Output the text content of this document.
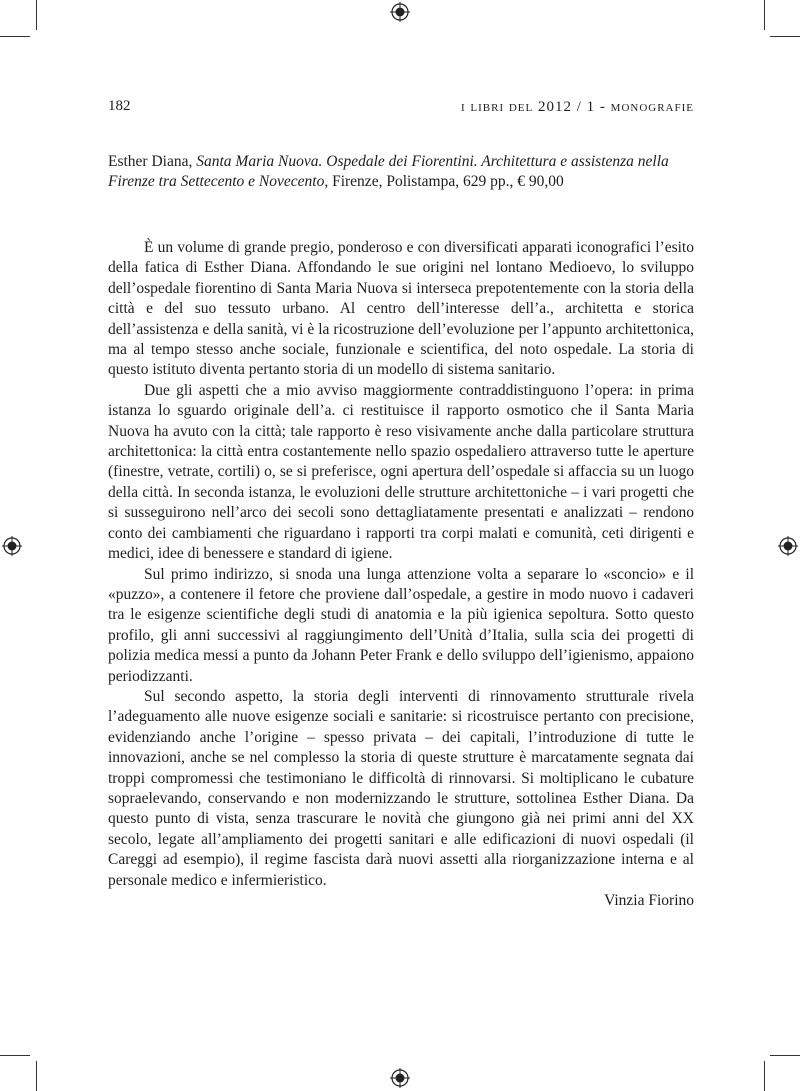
182	i libri del 2012 / 1 - monografie
Esther Diana, Santa Maria Nuova. Ospedale dei Fiorentini. Architettura e assistenza nella Firenze tra Settecento e Novecento, Firenze, Polistampa, 629 pp., € 90,00

È un volume di grande pregio, ponderoso e con diversificati apparati iconografici l’esito della fatica di Esther Diana. Affondando le sue origini nel lontano Medioevo, lo sviluppo dell’ospedale fiorentino di Santa Maria Nuova si interseca prepotentemente con la storia della città e del suo tessuto urbano. Al centro dell’interesse dell’a., architetta e storica dell’assistenza e della sanità, vi è la ricostruzione dell’evoluzione per l’appunto architettonica, ma al tempo stesso anche sociale, funzionale e scientifica, del noto ospedale. La storia di questo istituto diventa pertanto storia di un modello di sistema sanitario.

Due gli aspetti che a mio avviso maggiormente contraddistinguono l’opera: in prima istanza lo sguardo originale dell’a. ci restituisce il rapporto osmotico che il Santa Maria Nuova ha avuto con la città; tale rapporto è reso visivamente anche dalla particolare struttura architettonica: la città entra costantemente nello spazio ospedaliero attraverso tutte le aperture (finestre, vetrate, cortili) o, se si preferisce, ogni apertura dell’ospedale si affaccia su un luogo della città. In seconda istanza, le evoluzioni delle strutture architettoniche – i vari progetti che si susseguirono nell’arco dei secoli sono dettagliatamente presentati e analizzati – rendono conto dei cambiamenti che riguardano i rapporti tra corpi malati e comunità, ceti dirigenti e medici, idee di benessere e standard di igiene.

Sul primo indirizzo, si snoda una lunga attenzione volta a separare lo «sconcio» e il «puzzo», a contenere il fetore che proviene dall’ospedale, a gestire in modo nuovo i cadaveri tra le esigenze scientifiche degli studi di anatomia e la più igienica sepoltura. Sotto questo profilo, gli anni successivi al raggiungimento dell’Unità d’Italia, sulla scia dei progetti di polizia medica messi a punto da Johann Peter Frank e dello sviluppo dell’igienismo, appaiono periodizzanti.

Sul secondo aspetto, la storia degli interventi di rinnovamento strutturale rivela l’adeguamento alle nuove esigenze sociali e sanitarie: si ricostruisce pertanto con precisione, evidenziando anche l’origine – spesso privata – dei capitali, l’introduzione di tutte le innovazioni, anche se nel complesso la storia di queste strutture è marcatamente segnata dai troppi compromessi che testimoniano le difficoltà di rinnovarsi. Si moltiplicano le cubature sopraelevando, conservando e non modernizzando le strutture, sottolinea Esther Diana. Da questo punto di vista, senza trascurare le novità che giungono già nei primi anni del XX secolo, legate all’ampliamento dei progetti sanitari e alle edificazioni di nuovi ospedali (il Careggi ad esempio), il regime fascista darà nuovi assetti alla riorganizzazione interna e al personale medico e infermieristico.

Vinzia Fiorino
